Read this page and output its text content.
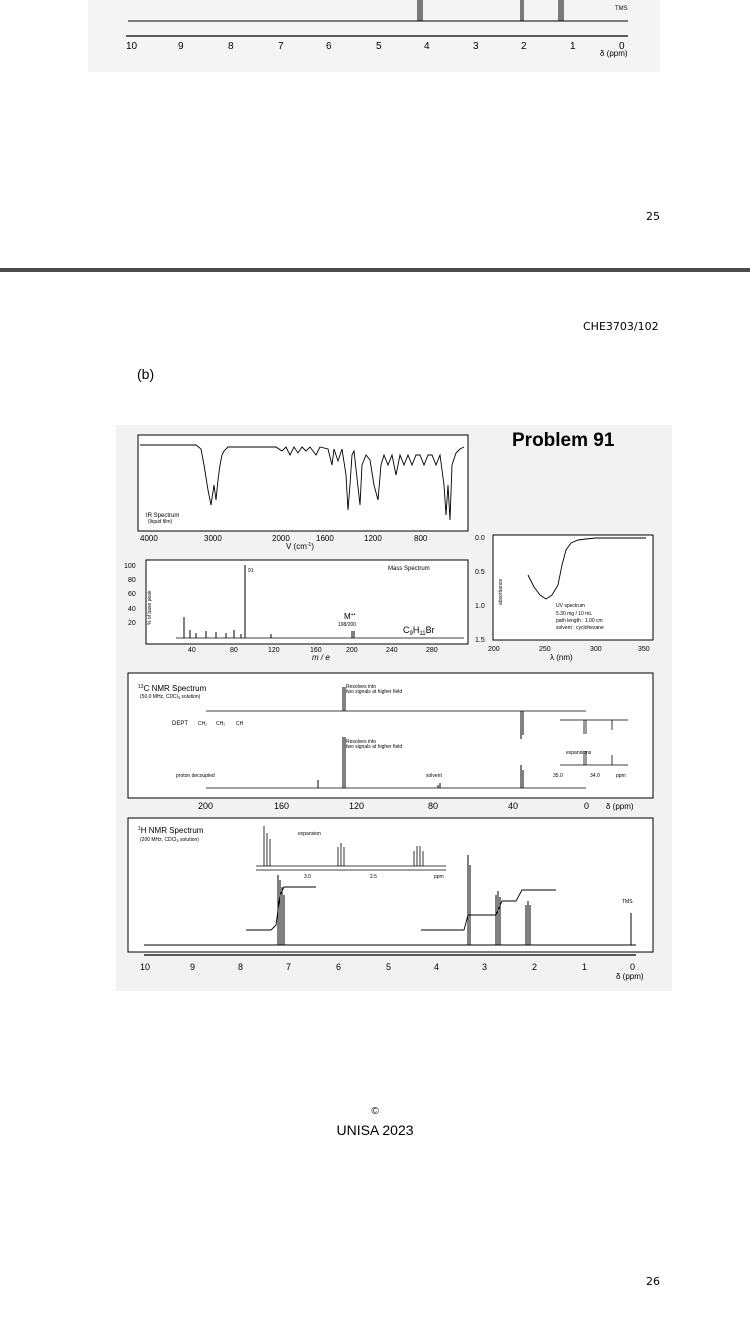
TMS
10	9	8	7	6	5	4	3	2	1	0
δ (ppm)
25
CHE3703/102
(b)
Problem 91
IR Spectrum
(liquid film)
4000	3000	2000	1600	1200	800
V $(cm^{-1})$
Mass Spectrum
100
80
60
40
20 % of base peak
91
M+•
198/200	$C_9H_{11}Br$
40	80	120	160	200	240	280
m / e
0.0
0.5
1.0
1.5
absorbance
UV spectrum
5.30 mg / 10 mL
path length : 1.00 cm
solvent : cyclohexane
200	250	300	350
λ (nm)
$^{13}$C NMR Spectrum
(50.0 MHz, CDCl$_3$ solution)
Resolves into
two signals at higher field
DEPT CH₂ CH₂ CH
expansions
35.0	34.0	ppm
Resolves into
two signals at higher field
proton decoupled	solvent
200	160	120	80	40	0 δ (ppm)
$^1$H NMR Spectrum
(200 MHz, CDCl$_3$ solution)
expansion
3.0	2.5	ppm
TMS
10	9	8	7	6	5	4	3	2	1	0
δ (ppm)
©
UNISA 2023
26
